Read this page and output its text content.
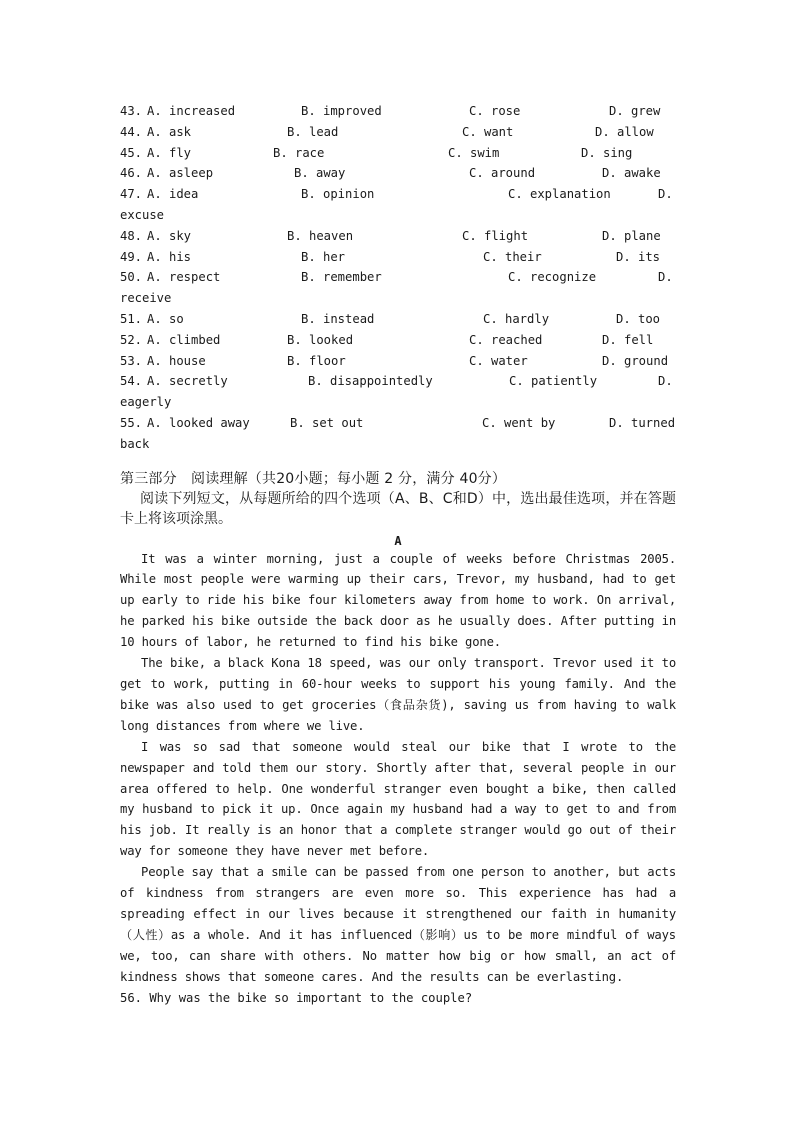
43. A. increased	B. improved	C. rose	D. grew
44. A. ask	B. lead	C. want	D. allow
45. A. fly	B. race	C. swim	D. sing
46. A. asleep	B. away	C. around	D. awake
47. A. idea	B. opinion	C. explanation	D.
excuse
48. A. sky	B. heaven	C. flight	D. plane
49. A. his	B. her	C. their	D. its
50. A. respect	B. remember	C. recognize	D.
receive
51. A. so	B. instead	C. hardly	D. too
52. A. climbed	B. looked	C. reached	D. fell
53. A. house	B. floor	C. water	D. ground
54. A. secretly	B. disappointedly	C. patiently	D.
eagerly
55. A. looked away	B. set out	C. went by	D. turned
back
第三部分　阅读理解（共20小题；每小题 2 分，满分 40分）
阅读下列短文，从每题所给的四个选项（A、B、C和D）中，选出最佳选项，并在答题卡上将该项涂黑。
A

It was a winter morning, just a couple of weeks before Christmas 2005. While most people were warming up their cars, Trevor, my husband, had to get up early to ride his bike four kilometers away from home to work. On arrival, he parked his bike outside the back door as he usually does. After putting in 10 hours of labor, he returned to find his bike gone.

The bike, a black Kona 18 speed, was our only transport. Trevor used it to get to work, putting in 60-hour weeks to support his young family. And the bike was also used to get groceries（食品杂货), saving us from having to walk long distances from where we live.

I was so sad that someone would steal our bike that I wrote to the newspaper and told them our story. Shortly after that, several people in our area offered to help. One wonderful stranger even bought a bike, then called my husband to pick it up. Once again my husband had a way to get to and from his job. It really is an honor that a complete stranger would go out of their way for someone they have never met before.

People say that a smile can be passed from one person to another, but acts of kindness from strangers are even more so. This experience has had a spreading effect in our lives because it strengthened our faith in humanity（人性）as a whole. And it has influenced（影响）us to be more mindful of ways we, too, can share with others. No matter how big or how small, an act of kindness shows that someone cares. And the results can be everlasting.

56. Why was the bike so important to the couple?
